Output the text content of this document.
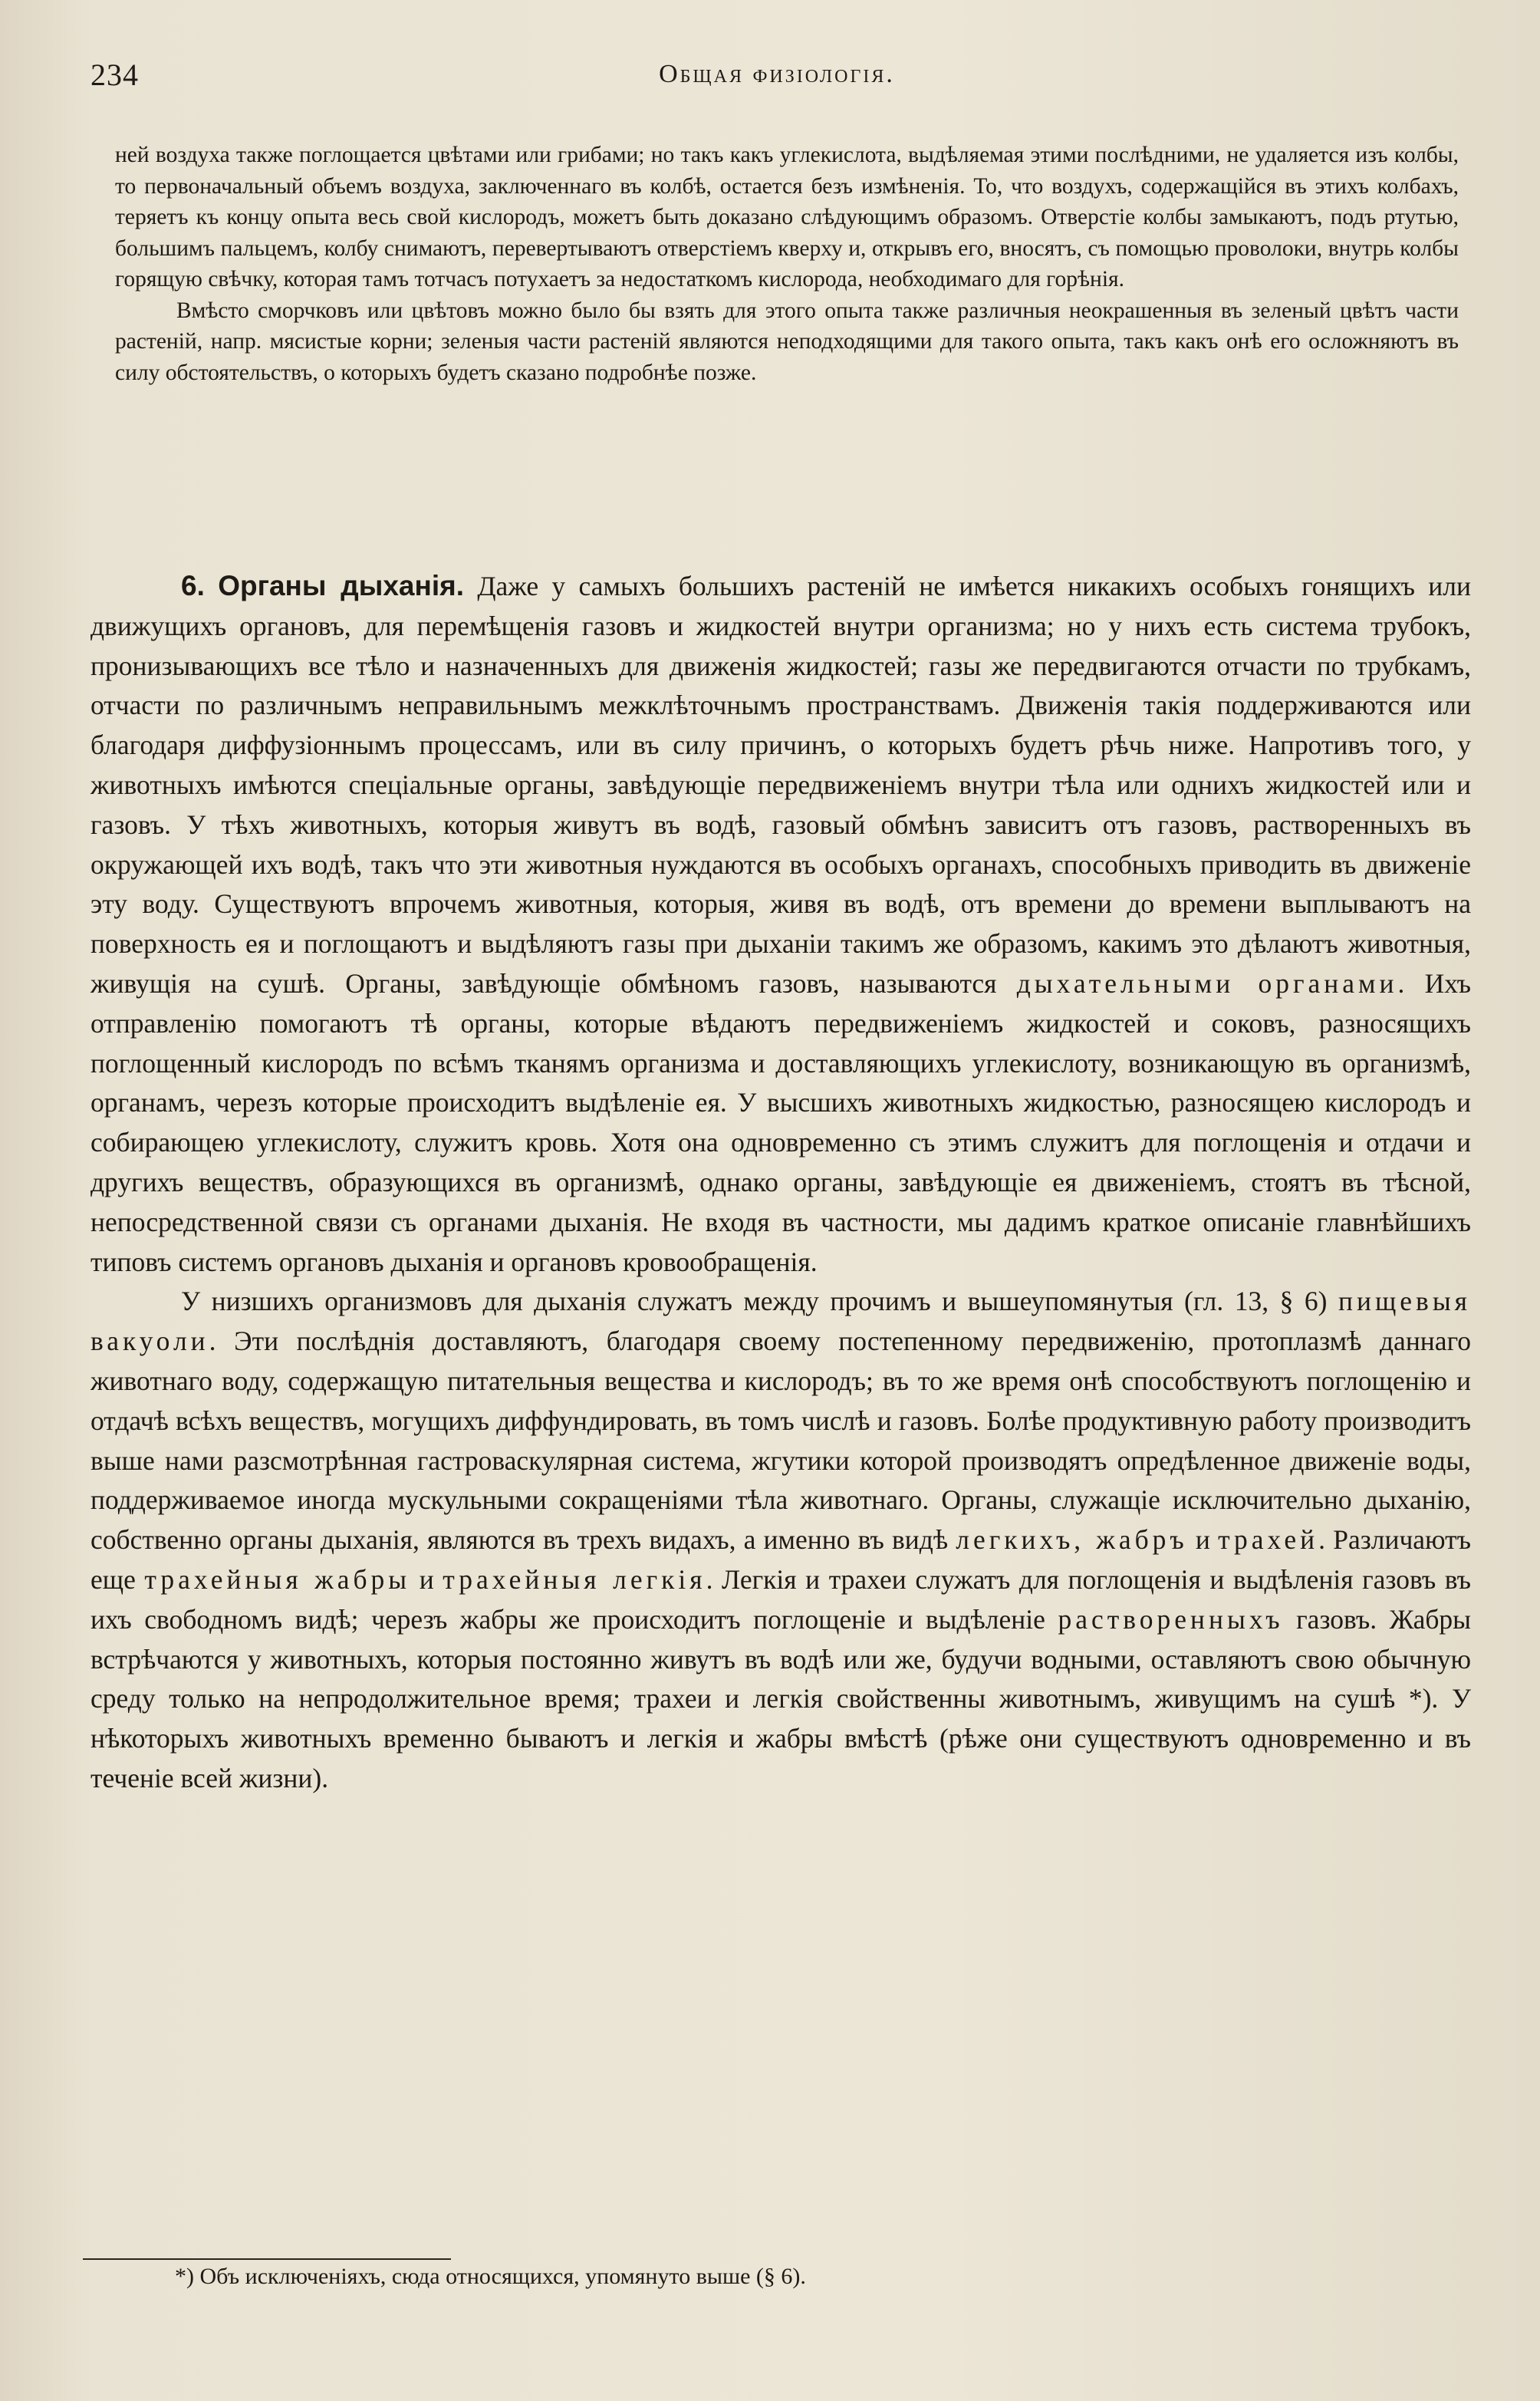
234	Общая физiологiя.

ней воздуха также поглощается цвѣтами или грибами; но такъ какъ углекислота, выдѣляемая этими послѣдними, не удаляется изъ колбы, то первоначальный объемъ воздуха, заключеннаго въ колбѣ, остается безъ измѣненiя. То, что воздухъ, содержащiйся въ этихъ колбахъ, теряетъ къ концу опыта весь свой кислородъ, можетъ быть доказано слѣдующимъ образомъ. Отверстiе колбы замыкаютъ, подъ ртутью, большимъ пальцемъ, колбу снимаютъ, перевертываютъ отверстiемъ кверху и, открывъ его, вносятъ, съ помощью проволоки, внутрь колбы горящую свѣчку, которая тамъ тотчасъ потухаетъ за недостаткомъ кислорода, необходимаго для горѣнiя.

Вмѣсто сморчковъ или цвѣтовъ можно было бы взять для этого опыта также различныя неокрашенныя въ зеленый цвѣтъ части растенiй, напр. мясистые корни; зеленыя части растенiй являются неподходящими для такого опыта, такъ какъ онѣ его осложняютъ въ силу обстоятельствъ, о которыхъ будетъ сказано подробнѣе позже.

6. Органы дыханiя. Даже у самыхъ большихъ растенiй не имѣется никакихъ особыхъ гонящихъ или движущихъ органовъ, для перемѣщенiя газовъ и жидкостей внутри организма; но у нихъ есть система трубокъ, пронизывающихъ все тѣло и назначенныхъ для движенiя жидкостей; газы же передвигаются отчасти по трубкамъ, отчасти по различнымъ неправильнымъ межклѣточнымъ пространствамъ. Движенiя такiя поддерживаются или благодаря диффузiоннымъ процессамъ, или въ силу причинъ, о которыхъ будетъ рѣчь ниже. Напротивъ того, у животныхъ имѣются спецiальные органы, завѣдующiе передвиженiемъ внутри тѣла или однихъ жидкостей или и газовъ. У тѣхъ животныхъ, которыя живутъ въ водѣ, газовый обмѣнъ зависитъ отъ газовъ, растворенныхъ въ окружающей ихъ водѣ, такъ что эти животныя нуждаются въ особыхъ органахъ, способныхъ приводить въ движенiе эту воду. Существуютъ впрочемъ животныя, которыя, живя въ водѣ, отъ времени до времени выплываютъ на поверхность ея и поглощаютъ и выдѣляютъ газы при дыханiи такимъ же образомъ, какимъ это дѣлаютъ животныя, живущiя на сушѣ. Органы, завѣдующiе обмѣномъ газовъ, называются дыхательными органами. Ихъ отправленiю помогаютъ тѣ органы, которые вѣдаютъ передвиженiемъ жидкостей и соковъ, разносящихъ поглощенный кислородъ по всѣмъ тканямъ организма и доставляющихъ углекислоту, возникающую въ организмѣ, органамъ, черезъ которые происходитъ выдѣленiе ея. У высшихъ животныхъ жидкостью, разносящею кислородъ и собирающею углекислоту, служитъ кровь. Хотя она одновременно съ этимъ служитъ для поглощенiя и отдачи и другихъ веществъ, образующихся въ организмѣ, однако органы, завѣдующiе ея движенiемъ, стоятъ въ тѣсной, непосредственной связи съ органами дыханiя. Не входя въ частности, мы дадимъ краткое описанiе главнѣйшихъ типовъ системъ органовъ дыханiя и органовъ кровообращенiя.

У низшихъ организмовъ для дыханiя служатъ между прочимъ и вышеупомянутыя (гл. 13, § 6) пищевыя вакуоли. Эти послѣднiя доставляютъ, благодаря своему постепенному передвиженiю, протоплазмѣ даннаго животнаго воду, содержащую питательныя вещества и кислородъ; въ то же время онѣ способствуютъ поглощенiю и отдачѣ всѣхъ веществъ, могущихъ диффундировать, въ томъ числѣ и газовъ. Болѣе продуктивную работу производитъ выше нами разсмотрѣнная гастроваскулярная система, жгутики которой производятъ опредѣленное движенiе воды, поддерживаемое иногда мускульными сокращенiями тѣла животнаго. Органы, служащiе исключительно дыханiю, собственно органы дыханiя, являются въ трехъ видахъ, а именно въ видѣ легкихъ, жабръ и трахей. Различаютъ еще трахейныя жабры и трахейныя легкiя. Легкiя и трахеи служатъ для поглощенiя и выдѣленiя газовъ въ ихъ свободномъ видѣ; черезъ жабры же происходитъ поглощенiе и выдѣленiе растворенныхъ газовъ. Жабры встрѣчаются у животныхъ, которыя постоянно живутъ въ водѣ или же, будучи водными, оставляютъ свою обычную среду только на непродолжительное время; трахеи и легкiя свойственны животнымъ, живущимъ на сушѣ *). У нѣкоторыхъ животныхъ временно бываютъ и легкiя и жабры вмѣстѣ (рѣже они существуютъ одновременно и въ теченiе всей жизни).

*) Объ исключенiяхъ, сюда относящихся, упомянуто выше (§ 6).
